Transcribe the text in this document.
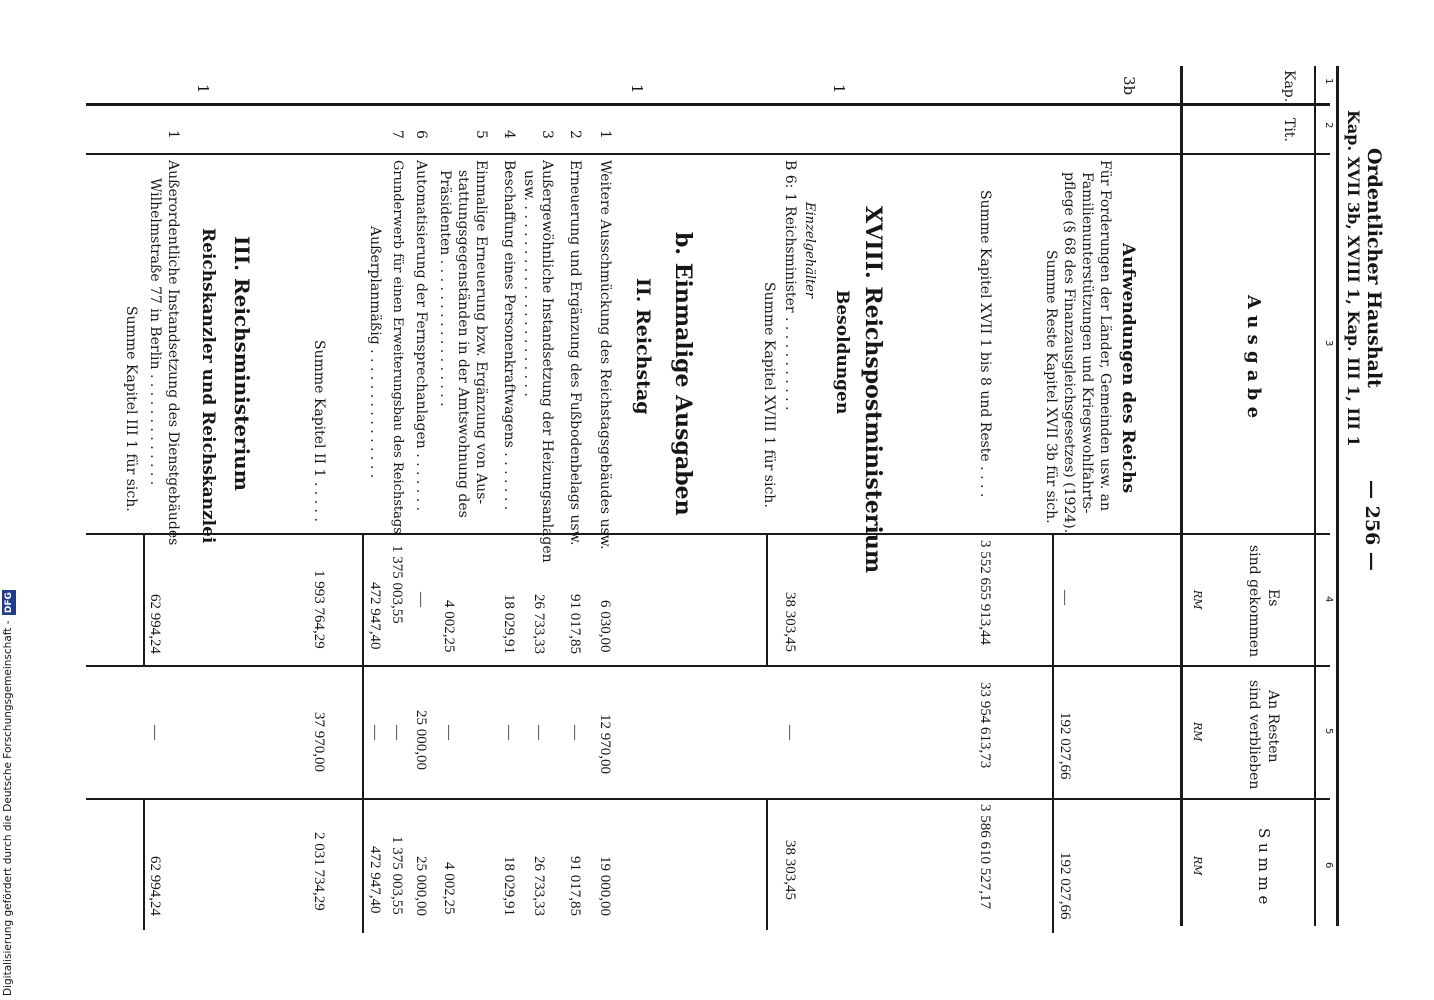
Ordentlicher Haushalt
Kap. XVII 3b, XVIII 1, Kap. III 1, III 1
— 256 —
1
2
3
4
5
6
Kap.
Tit.
A u s g a b e
Es
sind gekommen
An Resten
sind verblieben
S u m m e
RM
RM
RM
3b
Aufwendungen des Reichs
Für Forderungen der Länder, Gemeinden usw. an
Familienunterstützungen und Kriegswohlfahrts-
pflege (§ 68 des Finanzausgleichsgesetzes) (1924).
Summe Reste Kapitel XVII 3b für sich.
—
192 027,66
192 027,66
Summe Kapitel XVII 1 bis 8 und Reste . . . .
3 552 655 913,44
33 954 613,73
3 586 610 527,17
XVIII. Reichspostministerium
Besoldungen
1
Einzelgehälter
B 6: 1 Reichsminister . . . . . . . . . . .
38 303,45
—
Summe Kapitel XVIII 1 für sich.
38 303,45
b. Einmalige Ausgaben
II. Reichstag
1
1
Weitere Ausschmückung des Reichstagsgebäudes usw.
6 030,00
12 970,00
19 000,00
2
Erneuerung und Ergänzung des Fußbodenbelags usw.
91 017,85
—
91 017,85
3
Außergewöhnliche Instandsetzung der Heizungsanlagen
usw. . . . . . . . . . . . . . . . . . . . . . .
26 733,33
—
26 733,33
4
Beschaffung eines Personenkraftwagens . . . . . . .
18 029,91
—
18 029,91
5
Einmalige Erneuerung bzw. Ergänzung von Aus-
stattungsgegenständen in der Amtswohnung des
Präsidenten . . . . . . . . . . . . . . . . .
4 002,25
—
4 002,25
6
Automatisierung der Fernsprechanlagen . . . . . . .
—
25 000,00
25 000,00
7
Grunderwerb für einen Erweiterungsbau des Reichstags
1 375 003,55
—
1 375 003,55
Außerplanmäßig . . . . . . . . . . . . . . .
472 947,40
—
472 947,40
Summe Kapitel II 1 . . . . .
1 993 764,29
37 970,00
2 031 734,29
III. Reichsministerium
Reichskanzler und Reichskanzlei
1
1
Außerordentliche Instandsetzung des Dienstgebäudes
Wilhelmstraße 77 in Berlin . . . . . . . . . . . . .
62 994,24
—
62 994,24
Summe Kapitel III 1 für sich.
Digitalisierung gefördert durch die Deutsche Forschungsgemeinschaft - DFG
